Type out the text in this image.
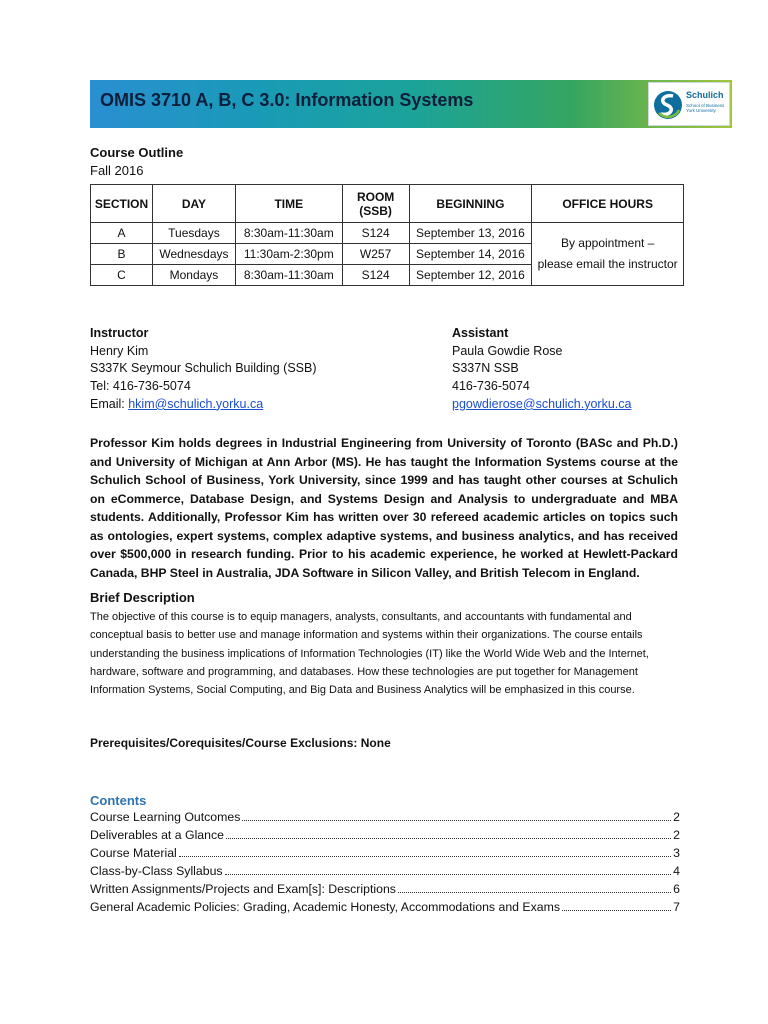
OMIS 3710 A, B, C 3.0: Information Systems	Schulich
School of Business
York University
Course Outline
Fall 2016
SECTION	DAY	TIME	ROOM (SSB)	BEGINNING	OFFICE HOURS
A	Tuesdays	8:30am-11:30am	S124	September 13, 2016	By appointment –
please email the instructor

B	Wednesdays	11:30am-2:30pm	W257	September 14, 2016	
C	Mondays	8:30am-11:30am	S124	September 12, 2016	
Instructor
Henry Kim
S337K Seymour Schulich Building (SSB)
Tel: 416-736-5074
Email: hkim@schulich.yorku.ca
Assistant
Paula Gowdie Rose
S337N SSB
416-736-5074
pgowdierose@schulich.yorku.ca
Professor Kim holds degrees in Industrial Engineering from University of Toronto (BASc and Ph.D.) and University of Michigan at Ann Arbor (MS). He has taught the Information Systems course at the Schulich School of Business, York University, since 1999 and has taught other courses at Schulich on eCommerce, Database Design, and Systems Design and Analysis to undergraduate and MBA students. Additionally, Professor Kim has written over 30 refereed academic articles on topics such as ontologies, expert systems, complex adaptive systems, and business analytics, and has received over $500,000 in research funding. Prior to his academic experience, he worked at Hewlett-Packard Canada, BHP Steel in Australia, JDA Software in Silicon Valley, and British Telecom in England.
Brief Description
The objective of this course is to equip managers, analysts, consultants, and accountants with fundamental and conceptual basis to better use and manage information and systems within their organizations. The course entails understanding the business implications of Information Technologies (IT) like the World Wide Web and the Internet, hardware, software and programming, and databases. How these technologies are put together for Management Information Systems, Social Computing, and Big Data and Business Analytics will be emphasized in this course.
Prerequisites/Corequisites/Course Exclusions: None
Contents
Course Learning Outcomes	2
Deliverables at a Glance	2
Course Material	3
Class-by-Class Syllabus	4
Written Assignments/Projects and Exam[s]: Descriptions	6
General Academic Policies: Grading, Academic Honesty, Accommodations and Exams	7
